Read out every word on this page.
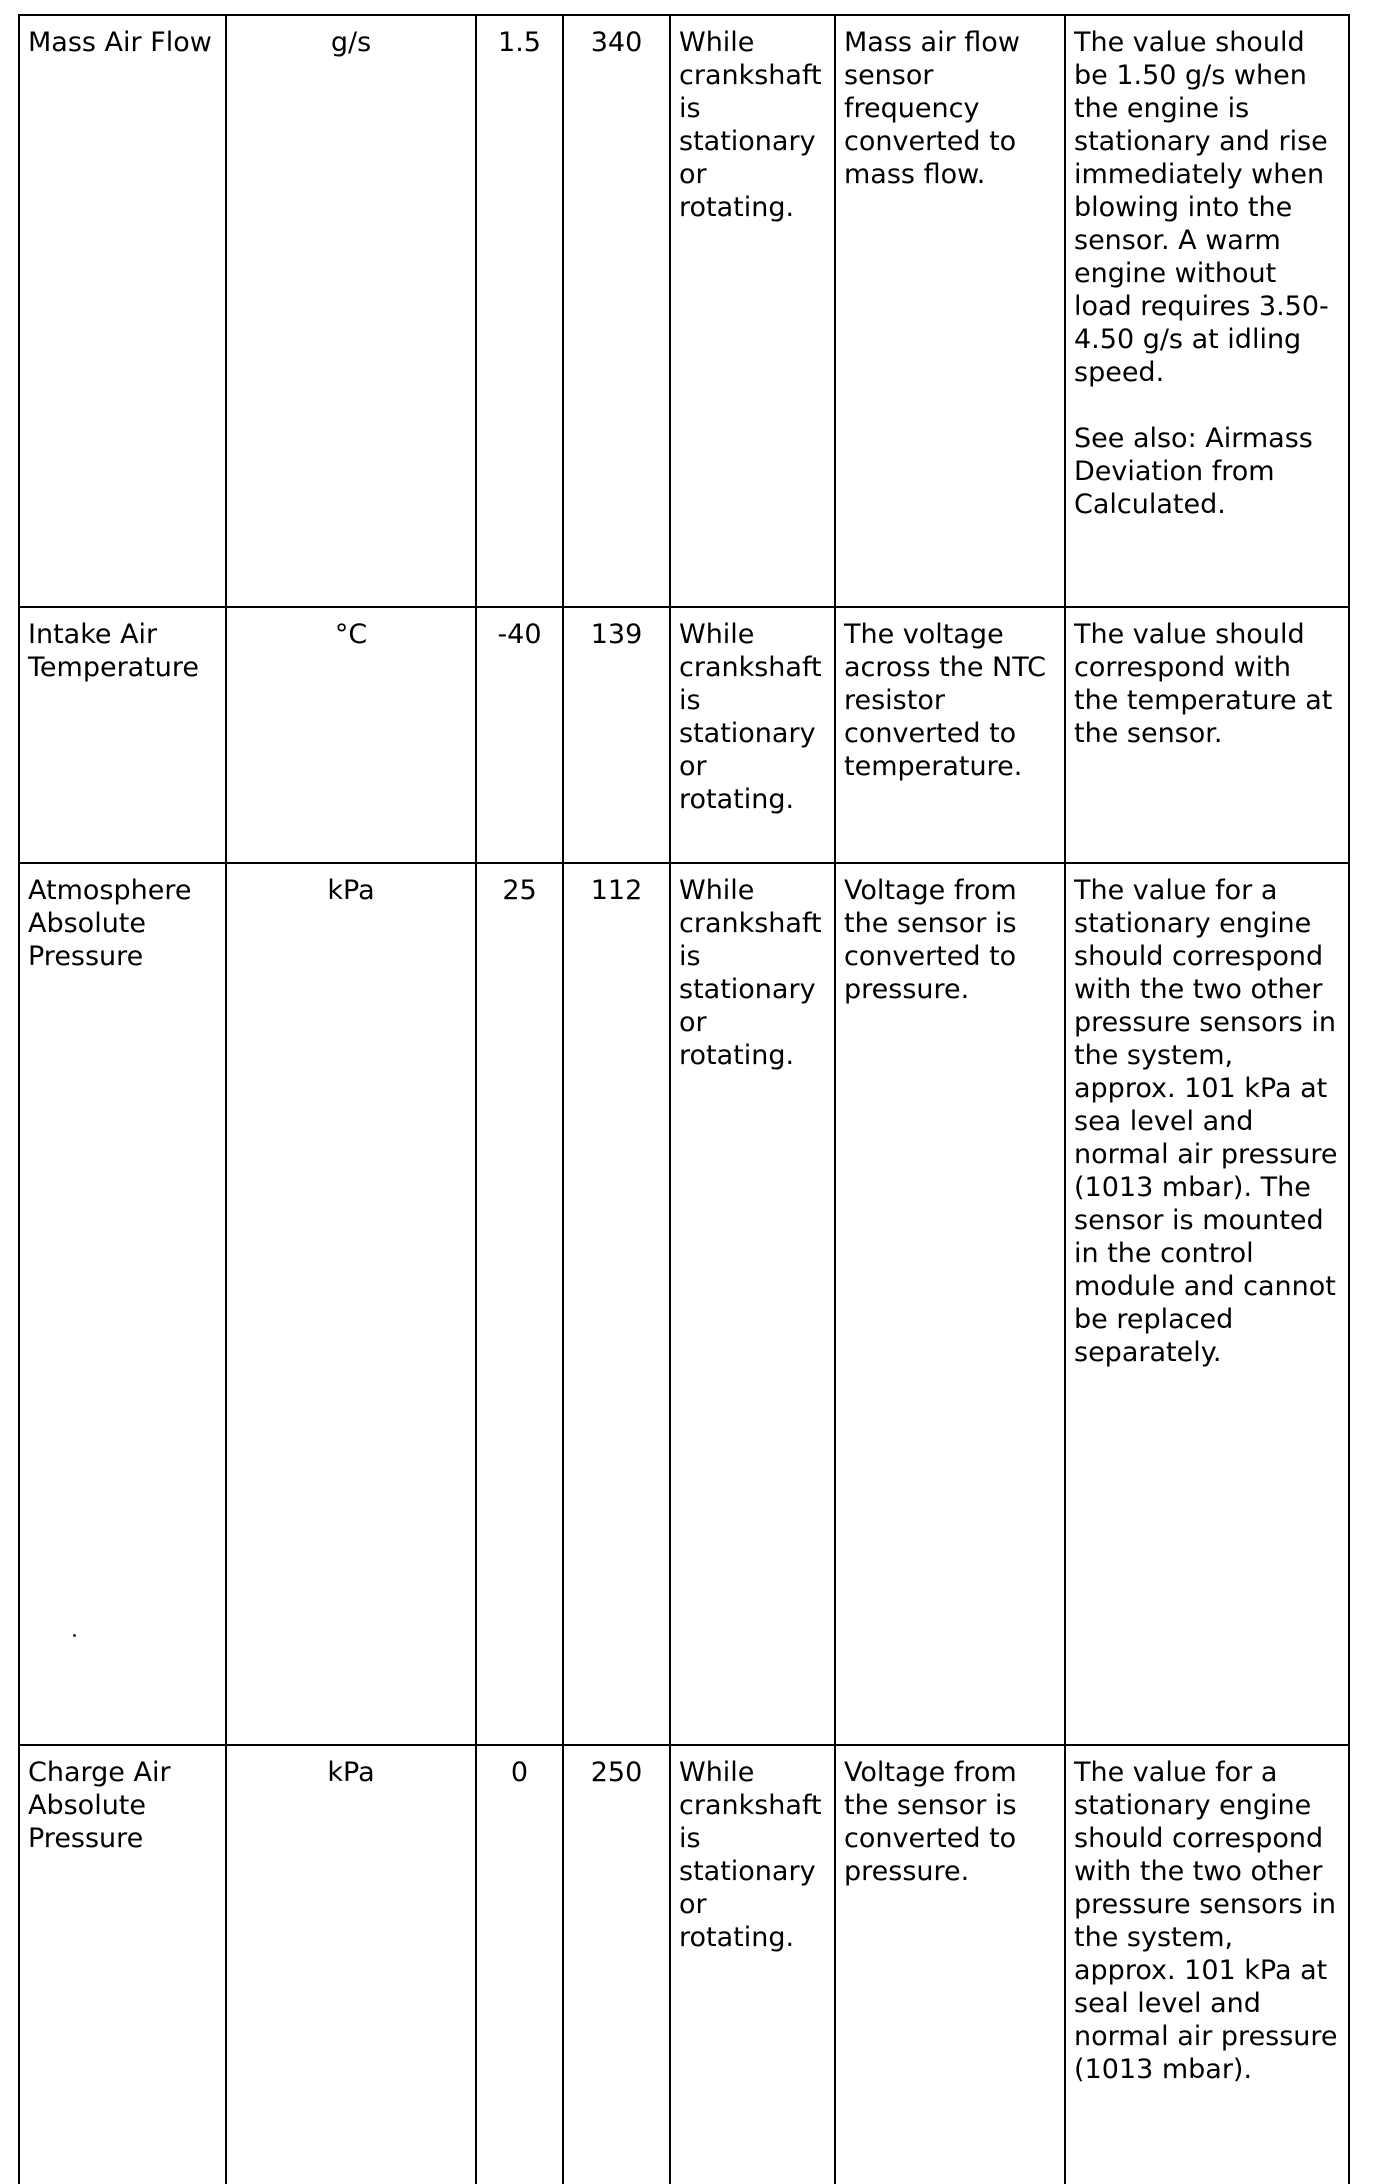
Mass Air Flow	g/s	1.5	340	While crankshaft is stationary or rotating.	Mass air flow sensor frequency converted to mass flow.	The value should be 1.50 g/s when the engine is stationary and rise immediately when blowing into the sensor. A warm engine without load requires 3.50-4.50 g/s at idling speed.
See also: Airmass Deviation from Calculated.

Intake Air Temperature	°C	-40	139	While crankshaft is stationary or rotating.	The voltage across the NTC resistor converted to temperature.	The value should correspond with the temperature at the sensor.
Atmosphere Absolute Pressure	kPa	25	112	While crankshaft is stationary or rotating.	Voltage from the sensor is converted to pressure.	The value for a stationary engine should correspond with the two other pressure sensors in the system, approx. 101 kPa at sea level and normal air pressure (1013 mbar). The sensor is mounted in the control module and cannot be replaced separately.
Charge Air Absolute Pressure	kPa	0	250	While crankshaft is stationary or rotating.	Voltage from the sensor is converted to pressure.	The value for a stationary engine should correspond with the two other pressure sensors in the system, approx. 101 kPa at seal level and normal air pressure (1013 mbar).
